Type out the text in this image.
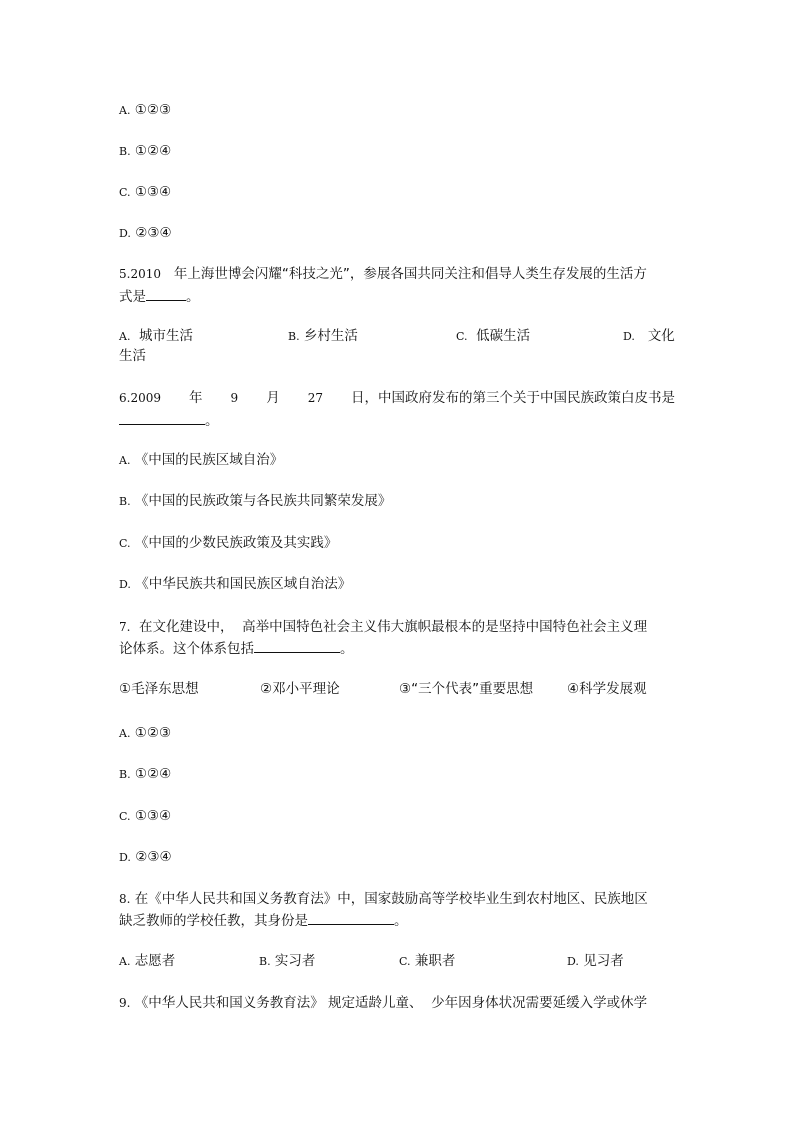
A. ①②③
B. ①②④
C. ①③④
D. ②③④
5.2010 年上海世博会闪耀“科技之光”，参展各国共同关注和倡导人类生存发展的生活方
式是	。
A. 城市生活	B. 乡村生活	C. 低碳生活	D. 文化
生活
6.2009 年 9 月 27 日，中国政府发布的第三个关于中国民族政策白皮书是
。
A. 《中国的民族区域自治》
B. 《中国的民族政策与各民族共同繁荣发展》
C. 《中国的少数民族政策及其实践》
D. 《中华民族共和国民族区域自治法》
7. 在文化建设中， 高举中国特色社会主义伟大旗帜最根本的是坚持中国特色社会主义理
论体系。这个体系包括	。
①毛泽东思想	②邓小平理论	③“三个代表”重要思想	④科学发展观
A. ①②③
B. ①②④
C. ①③④
D. ②③④
8. 在《中华人民共和国义务教育法》中，国家鼓励高等学校毕业生到农村地区、民族地区
缺乏教师的学校任教，其身份是	。
A. 志愿者	B. 实习者	C. 兼职者	D. 见习者
9. 《中华人民共和国义务教育法》 规定适龄儿童、 少年因身体状况需要延缓入学或休学
